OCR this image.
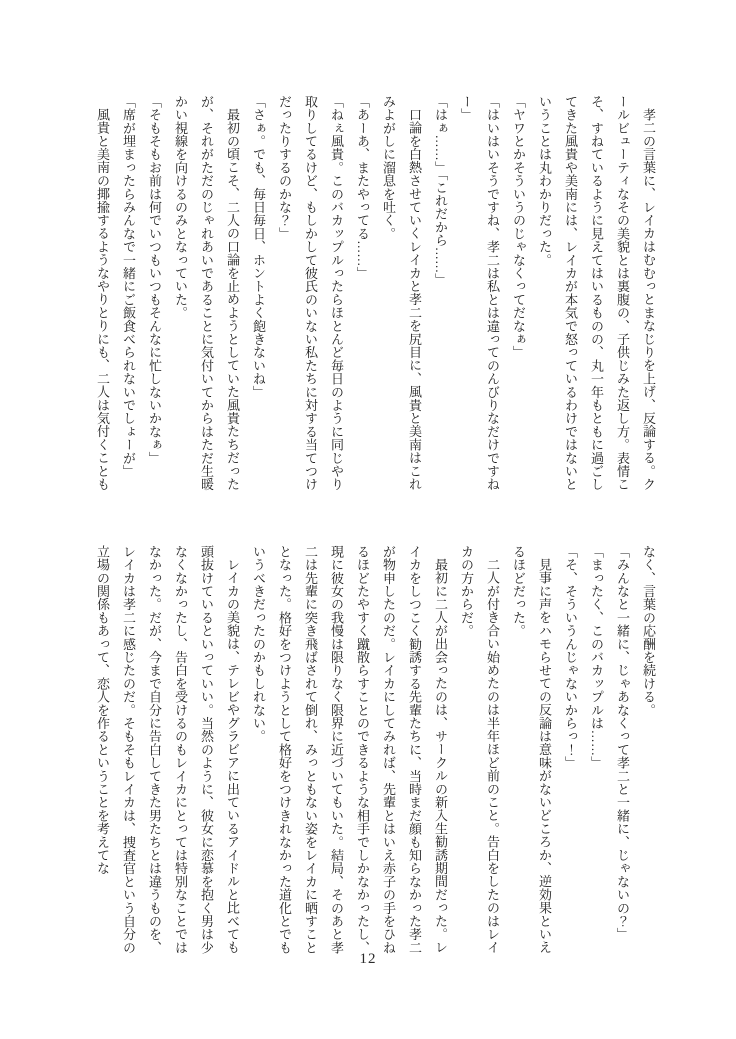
孝二の言葉に、レイカはむむっとまなじりを上げ、反論する。クールビューティなその美貌とは裏腹の、子供じみた返し方。表情こそ、すねているように見えてはいるものの、丸一年もともに過ごしてきた風貴や美南には、レイカが本気で怒っているわけではないということは丸わかりだった。

「ヤワとかそういうのじゃなくってだなぁ」

「はいはいそうですね、孝二は私とは違ってのんびりなだけですねー」

「はぁ……」「これだから……」

口論を白熱させていくレイカと孝二を尻目に、風貴と美南はこれみよがしに溜息を吐く。

「あーあ、またやってる……」

「ねぇ風貴。このバカップルったらほとんど毎日のように同じやり取りしてるけど、もしかして彼氏のいない私たちに対する当てつけだったりするのかな？」

「さぁ。でも、毎日毎日、ホントよく飽きないね」

最初の頃こそ、二人の口論を止めようとしていた風貴たちだったが、それがただのじゃれあいであることに気付いてからはただ生暖かい視線を向けるのみとなっていた。

「そもそもお前は何でいつもいつもそんなに忙しないかなぁ」

「席が埋まったらみんなで一緒にご飯食べられないでしょーが」

風貴と美南の揶揄するようなやりとりにも、二人は気付くことも

なく、言葉の応酬を続ける。

「みんなと一緒に、じゃあなくって孝二と一緒に、じゃないの？」

「まったく、このバカップルは……」

「そ、そういうんじゃないからっ！」

見事に声をハモらせての反論は意味がないどころか、逆効果といえるほどだった。

二人が付き合い始めたのは半年ほど前のこと。告白をしたのはレイカの方からだ。

最初に二人が出会ったのは、サークルの新入生勧誘期間だった。レイカをしつこく勧誘する先輩たちに、当時まだ顔も知らなかった孝二が物申したのだ。レイカにしてみれば、先輩とはいえ赤子の手をひねるほどたやすく蹴散らすことのできるような相手でしかなかったし、現に彼女の我慢は限りなく限界に近づいてもいた。結局、そのあと孝二は先輩に突き飛ばされて倒れ、みっともない姿をレイカに晒すこととなった。格好をつけようとして格好をつけきれなかった道化とでもいうべきだったのかもしれない。

レイカの美貌は、テレビやグラビアに出ているアイドルと比べても頭抜けているといっていい。当然のように、彼女に恋慕を抱く男は少なくなかったし、告白を受けるのもレイカにとっては特別なことではなかった。だが、今まで自分に告白してきた男たちとは違うものを、レイカは孝二に感じたのだ。そもそもレイカは、捜査官という自分の立場の関係もあって、恋人を作るということを考えてな

12
